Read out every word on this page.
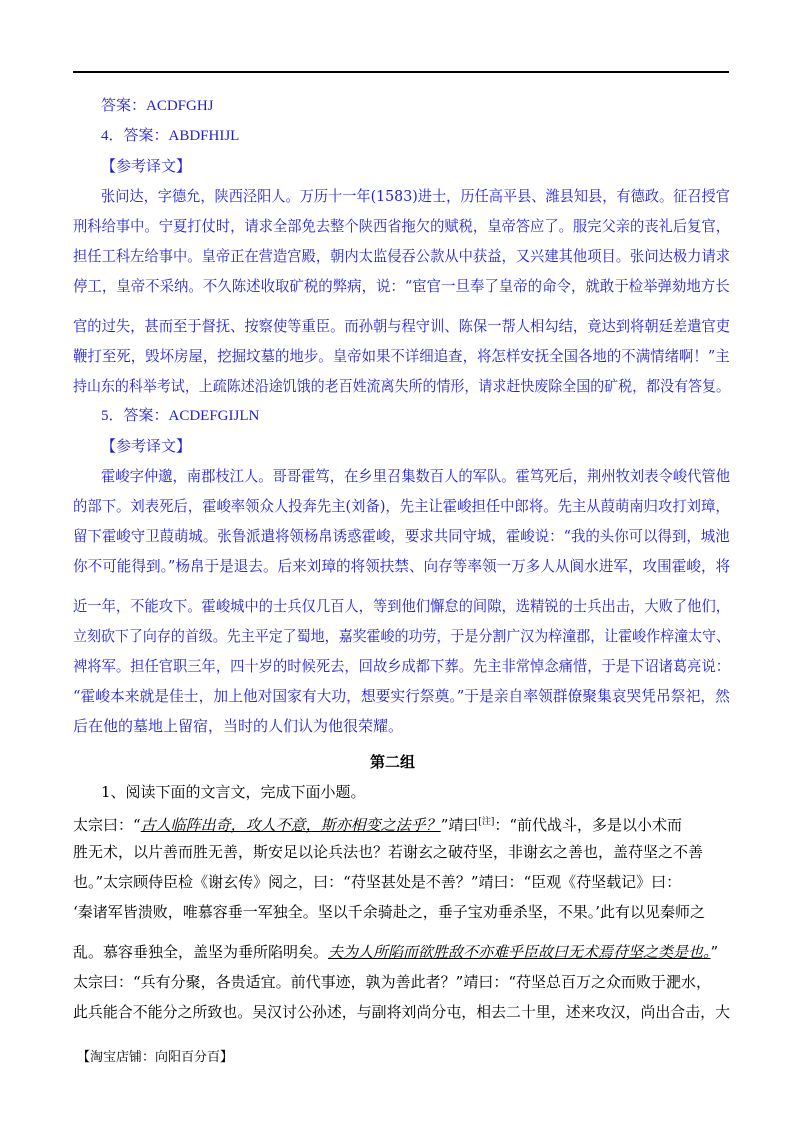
答案：ACDFGHJ
4．答案：ABDFHIJL
【参考译文】
张问达，字德允，陕西泾阳人。万历十一年(1583)进士，历任高平县、潍县知县，有德政。征召授官
刑科给事中。宁夏打仗时，请求全部免去整个陕西省拖欠的赋税，皇帝答应了。服完父亲的丧礼后复官，
担任工科左给事中。皇帝正在营造宫殿，朝内太监侵吞公款从中获益，又兴建其他项目。张问达极力请求
停工，皇帝不采纳。不久陈述收取矿税的弊病，说：“宦官一旦奉了皇帝的命令，就敢于检举弹劾地方长
官的过失，甚而至于督抚、按察使等重臣。而孙朝与程守训、陈保一帮人相勾结，竟达到将朝廷差遣官吏
鞭打至死，毁坏房屋，挖掘坟墓的地步。皇帝如果不详细追查，将怎样安抚全国各地的不满情绪啊！”主
持山东的科举考试，上疏陈述沿途饥饿的老百姓流离失所的情形，请求赶快废除全国的矿税，都没有答复。
5．答案：ACDEFGIJLN
【参考译文】
霍峻字仲邈，南郡枝江人。哥哥霍笃，在乡里召集数百人的军队。霍笃死后，荆州牧刘表令峻代管他
的部下。刘表死后，霍峻率领众人投奔先主(刘备)，先主让霍峻担任中郎将。先主从葭萌南归攻打刘璋，
留下霍峻守卫葭萌城。张鲁派遣将领杨帛诱惑霍峻，要求共同守城，霍峻说：“我的头你可以得到，城池
你不可能得到。”杨帛于是退去。后来刘璋的将领扶禁、向存等率领一万多人从阆水进军，攻围霍峻，将
近一年，不能攻下。霍峻城中的士兵仅几百人，等到他们懈怠的间隙，选精锐的士兵出击，大败了他们，
立刻砍下了向存的首级。先主平定了蜀地，嘉奖霍峻的功劳，于是分割广汉为梓潼郡，让霍峻作梓潼太守、
裨将军。担任官职三年，四十岁的时候死去，回故乡成都下葬。先主非常悼念痛惜，于是下诏诸葛亮说：
“霍峻本来就是佳士，加上他对国家有大功，想要实行祭奠。”于是亲自率领群僚聚集哀哭凭吊祭祀，然
后在他的墓地上留宿，当时的人们认为他很荣耀。
第二组
1、阅读下面的文言文，完成下面小题。
太宗曰：“古人临阵出奇，攻人不意，斯亦相变之法乎？”靖曰[注]：“前代战斗，多是以小术而
胜无术，以片善而胜无善，斯安足以论兵法也？若谢玄之破苻坚，非谢玄之善也，盖苻坚之不善
也。”太宗顾侍臣检《谢玄传》阅之，曰：“苻坚甚处是不善？”靖曰：“臣观《苻坚载记》曰：
‘秦诸军皆溃败，唯慕容垂一军独全。坚以千余骑赴之，垂子宝劝垂杀坚，不果。’此有以见秦师之
乱。慕容垂独全，盖坚为垂所陷明矣。夫为人所陷而欲胜敌不亦难乎臣故曰无术焉苻坚之类是也。”
太宗曰：“兵有分聚，各贵适宜。前代事迹，孰为善此者？”靖曰：“苻坚总百万之众而败于淝水，
此兵能合不能分之所致也。吴汉讨公孙述，与副将刘尚分屯，相去二十里，述来攻汉，尚出合击，大
【淘宝店铺：向阳百分百】
